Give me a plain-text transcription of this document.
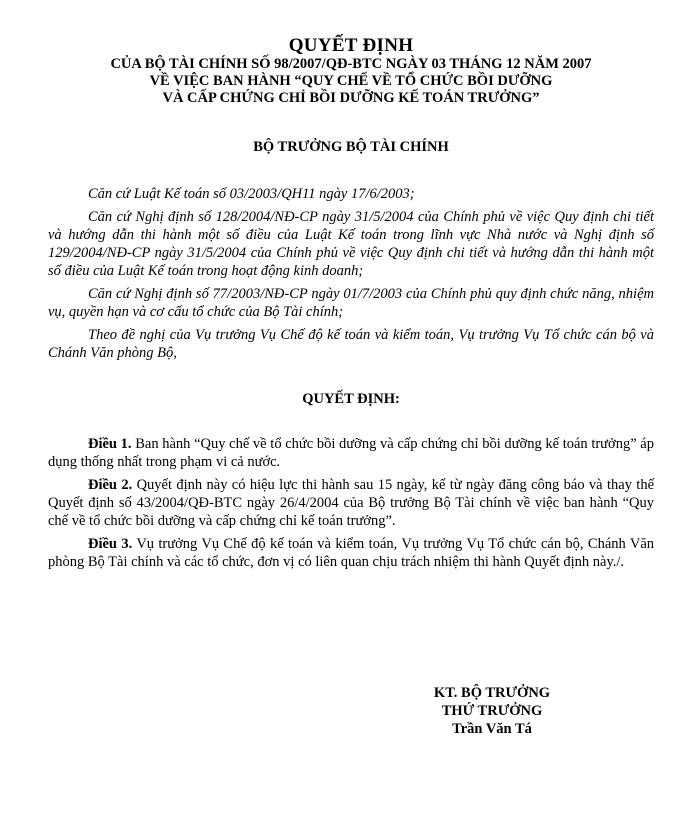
QUYẾT ĐỊNH
CỦA BỘ TÀI CHÍNH SỐ 98/2007/QĐ-BTC NGÀY 03 THÁNG 12 NĂM 2007
VỀ VIỆC BAN HÀNH “QUY CHẾ VỀ TỔ CHỨC BỒI DƯỠNG
VÀ CẤP CHỨNG CHỈ BỒI DƯỠNG KẾ TOÁN TRƯỞNG”
BỘ TRƯỞNG BỘ TÀI CHÍNH

Căn cứ Luật Kế toán số 03/2003/QH11 ngày 17/6/2003;

Căn cứ Nghị định số 128/2004/NĐ-CP ngày 31/5/2004 của Chính phủ về việc Quy định chi tiết và hướng dẫn thi hành một số điều của Luật Kế toán trong lĩnh vực Nhà nước và Nghị định số 129/2004/NĐ-CP ngày 31/5/2004 của Chính phủ về việc Quy định chi tiết và hướng dẫn thi hành một số điều của Luật Kế toán trong hoạt động kinh doanh;

Căn cứ Nghị định số 77/2003/NĐ-CP ngày 01/7/2003 của Chính phủ quy định chức năng, nhiệm vụ, quyền hạn và cơ cấu tổ chức của Bộ Tài chính;

Theo đề nghị của Vụ trưởng Vụ Chế độ kế toán và kiểm toán, Vụ trưởng Vụ Tổ chức cán bộ và Chánh Văn phòng Bộ,

QUYẾT ĐỊNH:

Điều 1. Ban hành “Quy chế về tổ chức bồi dưỡng và cấp chứng chỉ bồi dưỡng kế toán trưởng” áp dụng thống nhất trong phạm vi cả nước.

Điều 2. Quyết định này có hiệu lực thi hành sau 15 ngày, kể từ ngày đăng công báo và thay thế Quyết định số 43/2004/QĐ-BTC ngày 26/4/2004 của Bộ trưởng Bộ Tài chính về việc ban hành “Quy chế về tổ chức bồi dưỡng và cấp chứng chỉ kế toán trưởng”.

Điều 3. Vụ trưởng Vụ Chế độ kế toán và kiểm toán, Vụ trưởng Vụ Tổ chức cán bộ, Chánh Văn phòng Bộ Tài chính và các tổ chức, đơn vị có liên quan chịu trách nhiệm thi hành Quyết định này./.

KT. BỘ TRƯỞNG
THỨ TRƯỞNG
Trần Văn Tá
